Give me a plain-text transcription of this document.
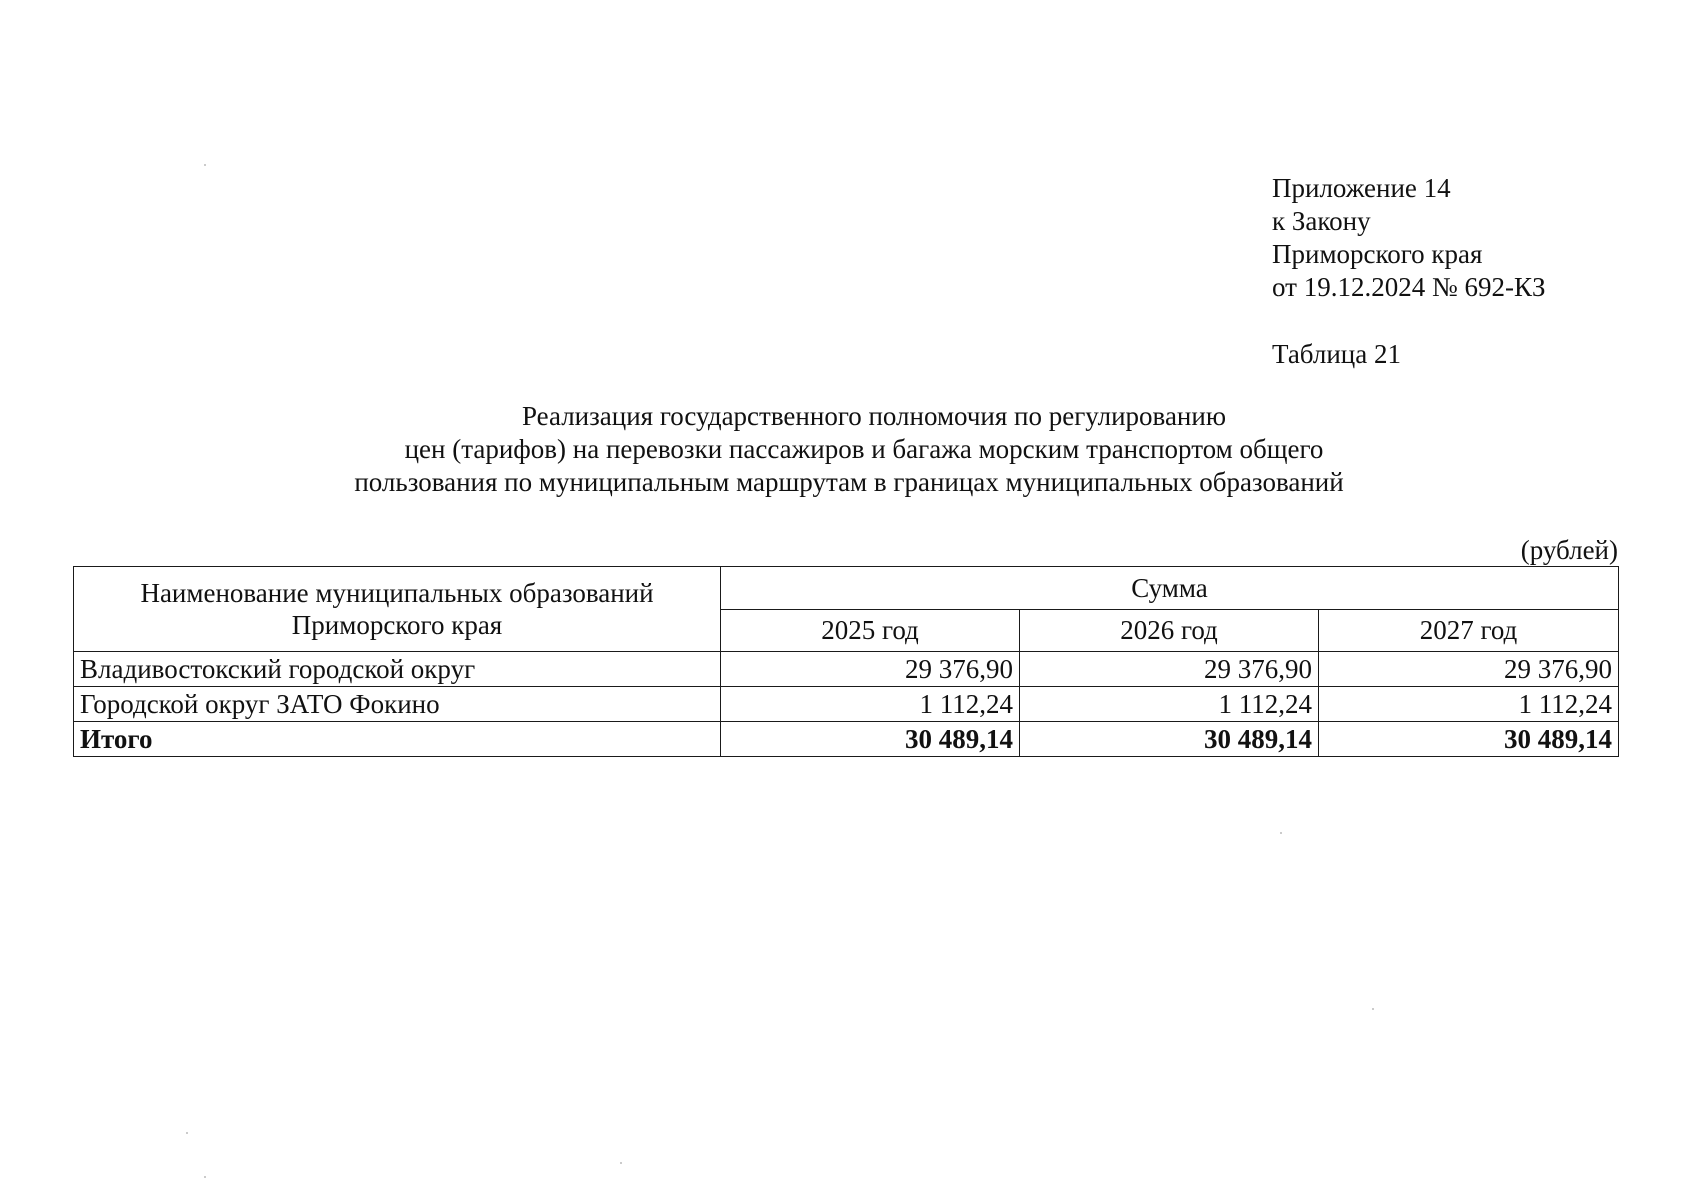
Приложение 14
к Закону
Приморского края
от 19.12.2024 № 692-КЗ
Таблица 21
Реализация государственного полномочия по регулированию
цен (тарифов) на перевозки пассажиров и багажа морским транспортом общего
пользования по муниципальным маршрутам в границах муниципальных образований
(рублей)
Наименование муниципальных образований Приморского края	Сумма		
	2025 год	2026 год	2027 год
Владивостокский городской округ	29 376,90	29 376,90	29 376,90
Городской округ ЗАТО Фокино	1 112,24	1 112,24	1 112,24
Итого	30 489,14	30 489,14	30 489,14
